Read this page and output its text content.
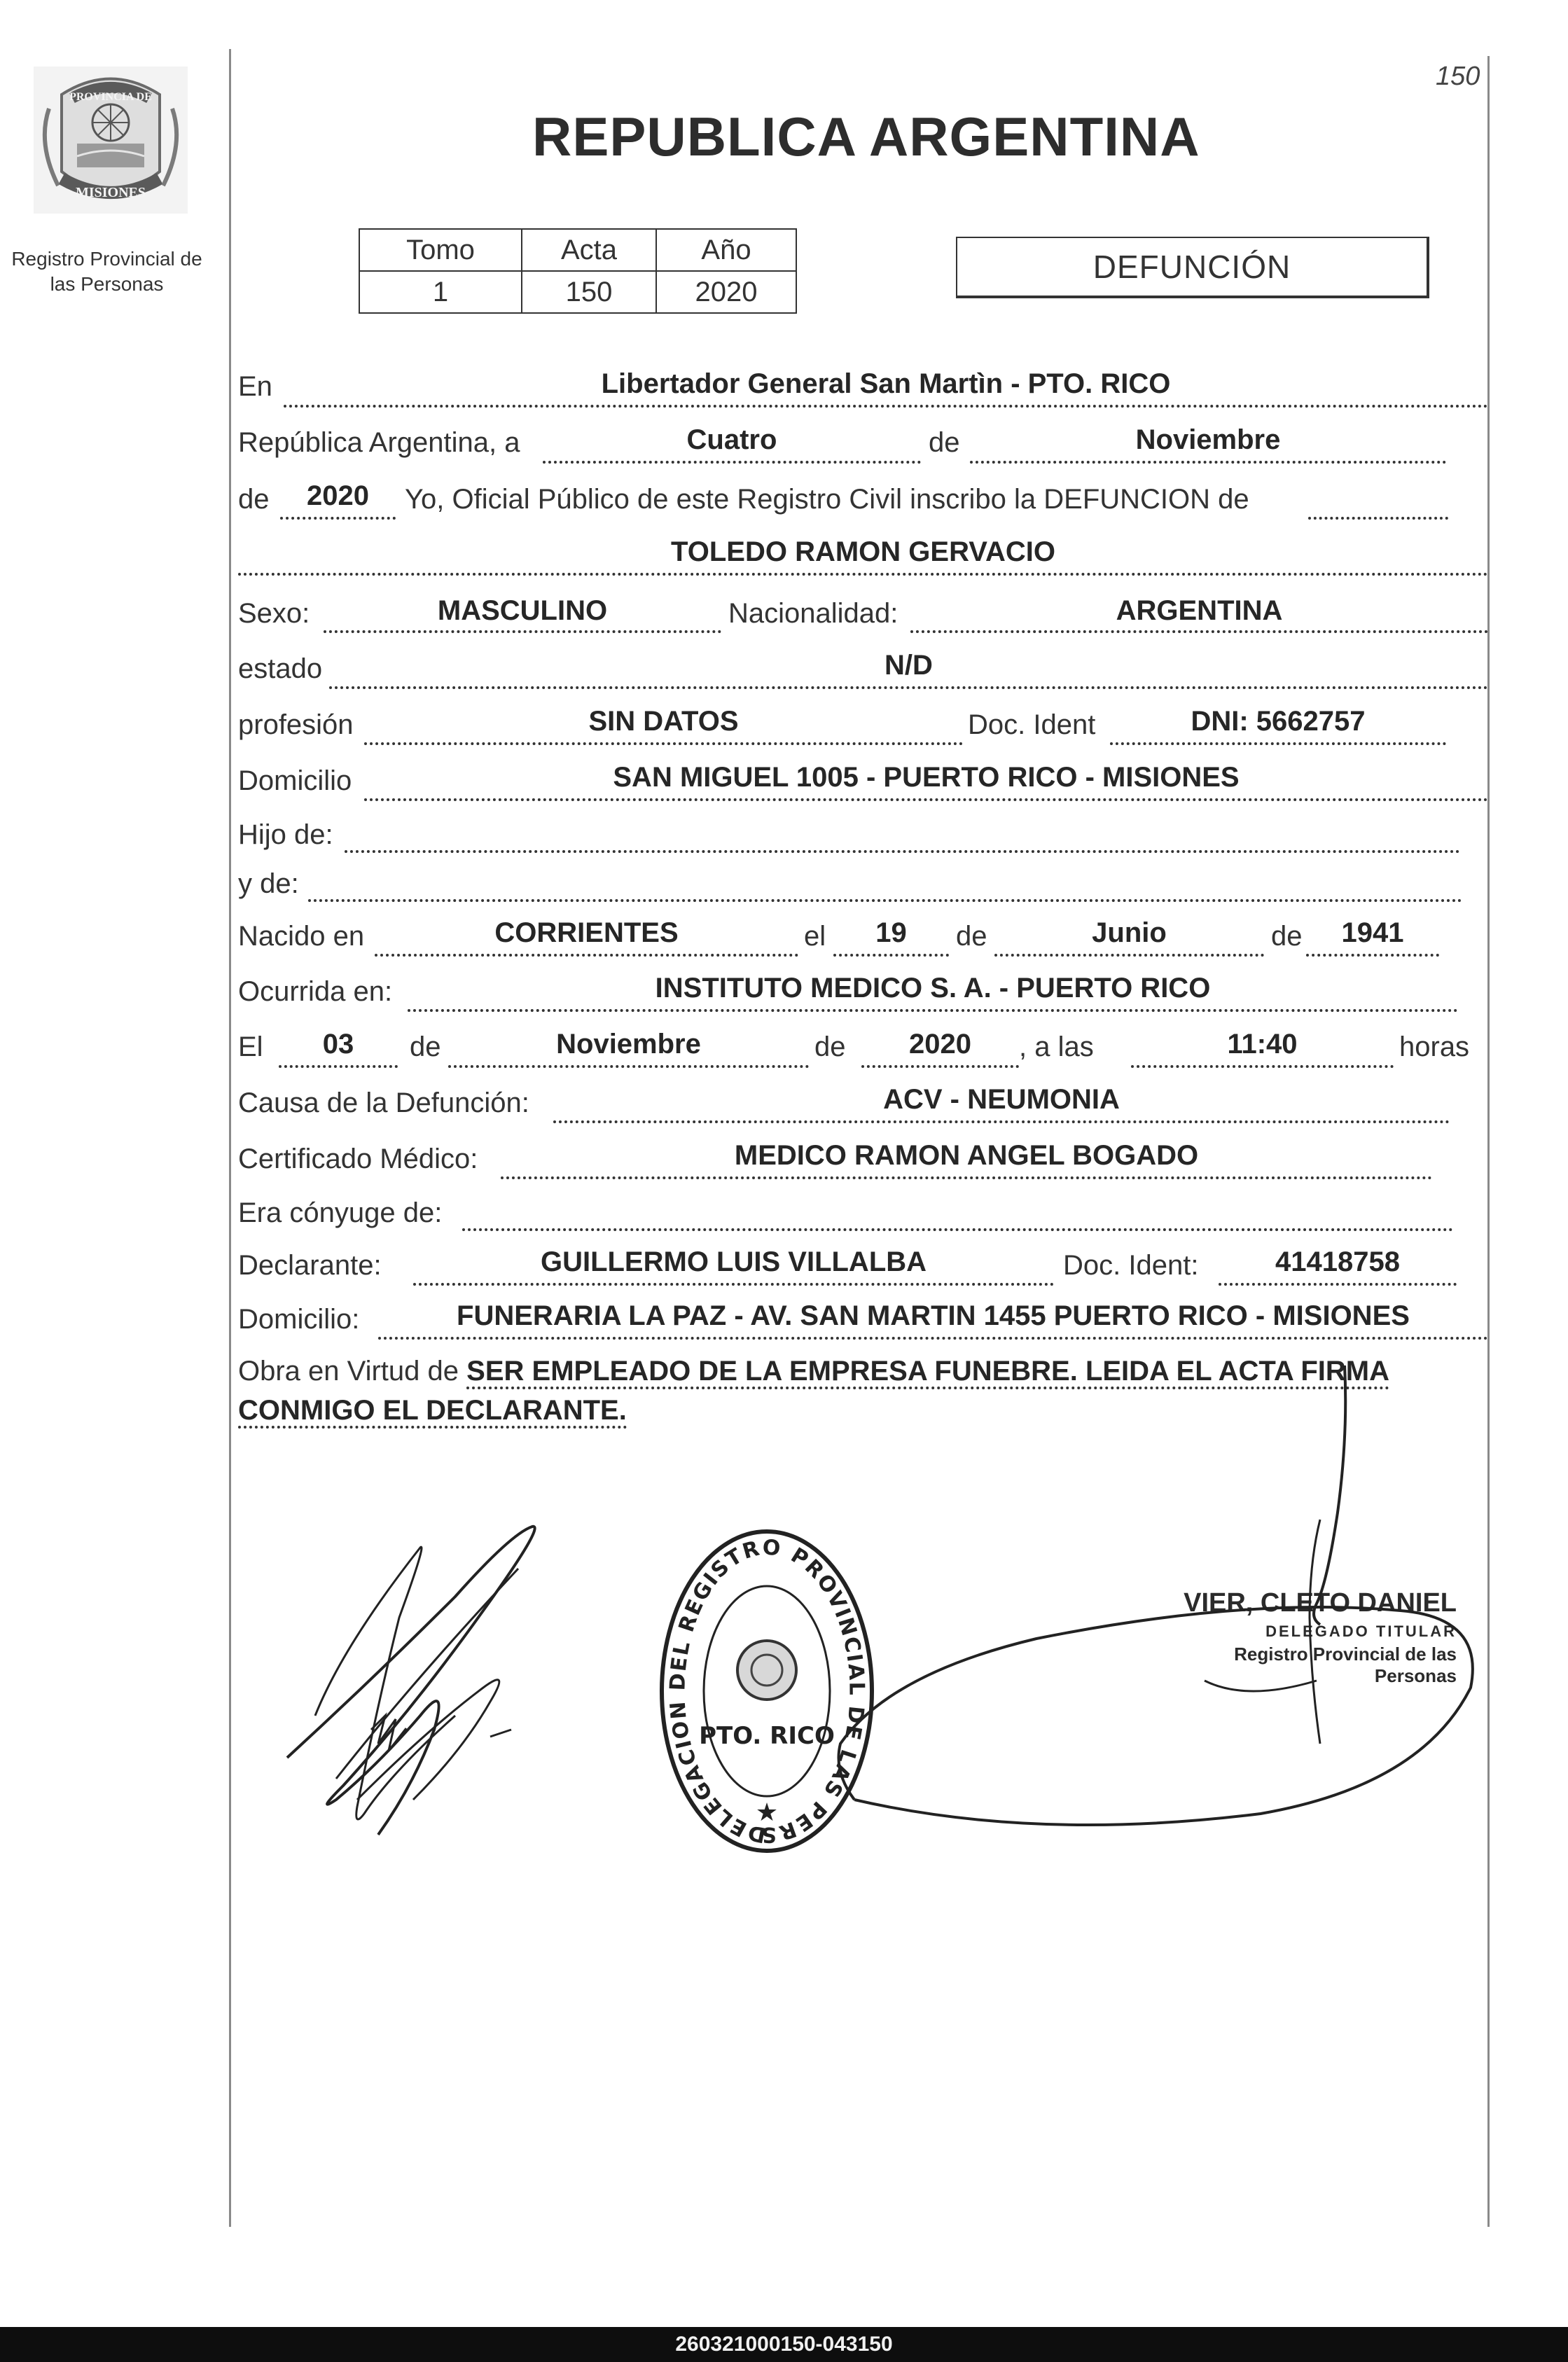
PROVINCIA DE
MISIONES
Registro Provincial de las Personas
REPUBLICA ARGENTINA
150
Tomo	Acta	Año
1	150	2020
DEFUNCIÓN
En	Libertador General San Martìn - PTO. RICO
República Argentina, a	Cuatro	de	Noviembre
de	2020	Yo, Oficial Público de este Registro Civil inscribo la DEFUNCION de
TOLEDO RAMON GERVACIO
Sexo:	MASCULINO	Nacionalidad:	ARGENTINA
estado	N/D
profesión	SIN DATOS	Doc. Ident	DNI: 5662757
Domicilio	SAN MIGUEL 1005 - PUERTO RICO - MISIONES
Hijo de:
y de:
Nacido en	CORRIENTES	el	19	de	Junio	de	1941
Ocurrida en:	INSTITUTO MEDICO S. A. - PUERTO RICO
El	03	de	Noviembre	de	2020	, a las	11:40	horas
Causa de la Defunción:	ACV - NEUMONIA
Certificado Médico:	MEDICO RAMON ANGEL BOGADO
Era cónyuge de:
Declarante:	GUILLERMO LUIS VILLALBA	Doc. Ident:	41418758
Domicilio:	FUNERARIA LA PAZ - AV. SAN MARTIN 1455 PUERTO RICO - MISIONES
Obra en Virtud de SER EMPLEADO DE LA EMPRESA FUNEBRE. LEIDA EL ACTA FIRMA
CONMIGO EL DECLARANTE.
DELEGACION DEL REGISTRO PROVINCIAL DE LAS PERS
PTO. RICO
★
VIER, CLETO DANIEL
DELEGADO TITULAR
Registro Provincial de las Personas
260321000150-043150
